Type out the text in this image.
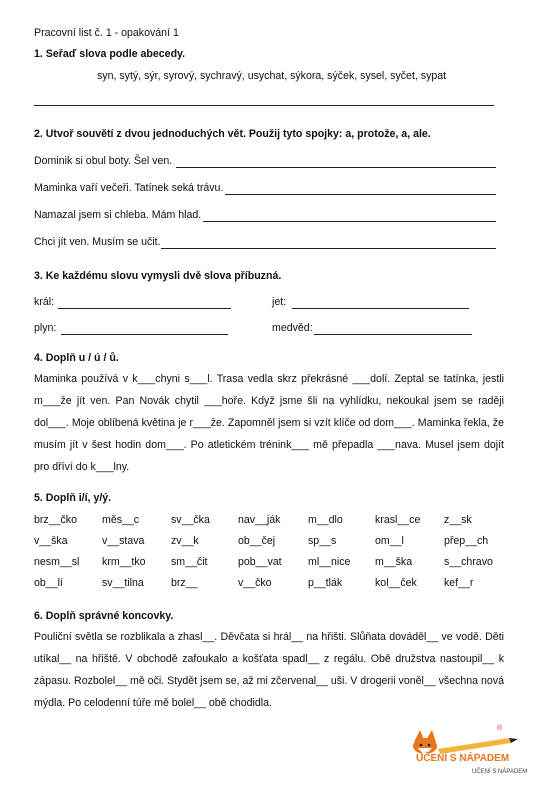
Pracovní list č. 1 - opakování 1
1. Seřaď slova podle abecedy.
syn, sytý, sýr, syrový, sychravý, usychat, sýkora, sýček, sysel, syčet, sypat
2. Utvoř souvětí z dvou jednoduchých vět. Použij tyto spojky: a, protože, a, ale.
Dominik si obul boty. Šel ven.
Maminka vaří večeři. Tatínek seká trávu.
Namazal jsem si chleba. Mám hlad.
Chci jít ven. Musím se učit.
3. Ke každému slovu vymysli dvě slova příbuzná.
král:	jet:
plyn:	medvěd:
4. Doplň u / ú / ů.
Maminka používá v k___chyni s___l. Trasa vedla skrz překrásné ___dolí. Zeptal se tatínka, jestli m___že jít ven. Pan Novák chytil ___hoře. Když jsme šli na vyhlídku, nekoukal jsem se raději dol___. Moje oblíbená květina je r___že. Zapomněl jsem si vzít klíče od dom___. Maminka řekla, že musím jít v šest hodin dom___. Po atletickém trénink___ mě přepadla ___nava. Musel jsem dojít pro dříví do k___lny.
5. Doplň i/í, y/ý.
brz__čko měs__c	sv__čka	nav__ják	m__dlo	krasl__ce z__sk
v__ška	v__stava	zv__k	ob__čej	sp__s	om__l	přep__ch
nesm__sl krm__tko sm__čit	pob__vat ml__nice m__ška	s__chravo
ob__lí	sv__tilna	brz__	v__čko	p__tlák	kol__ček	kef__r
6. Doplň správné koncovky.
Pouliční světla se rozblikala a zhasl__. Děvčata si hrál__ na hřišti. Slůňata dováděl__ ve vodě. Děti utíkal__ na hřiště. V obchodě zafoukalo a košťata spadl__ z regálu. Obě družstva nastoupil__ k zápasu. Rozbolel__ mě oči. Stydět jsem se, až mi zčervenal__ uši. V drogerii voněl__ všechna nová mýdla. Po celodenní túře mě bolel__ obě chodidla.
®
UČENÍ S NÁPADEM
UČENÍ S NÁPADEM
